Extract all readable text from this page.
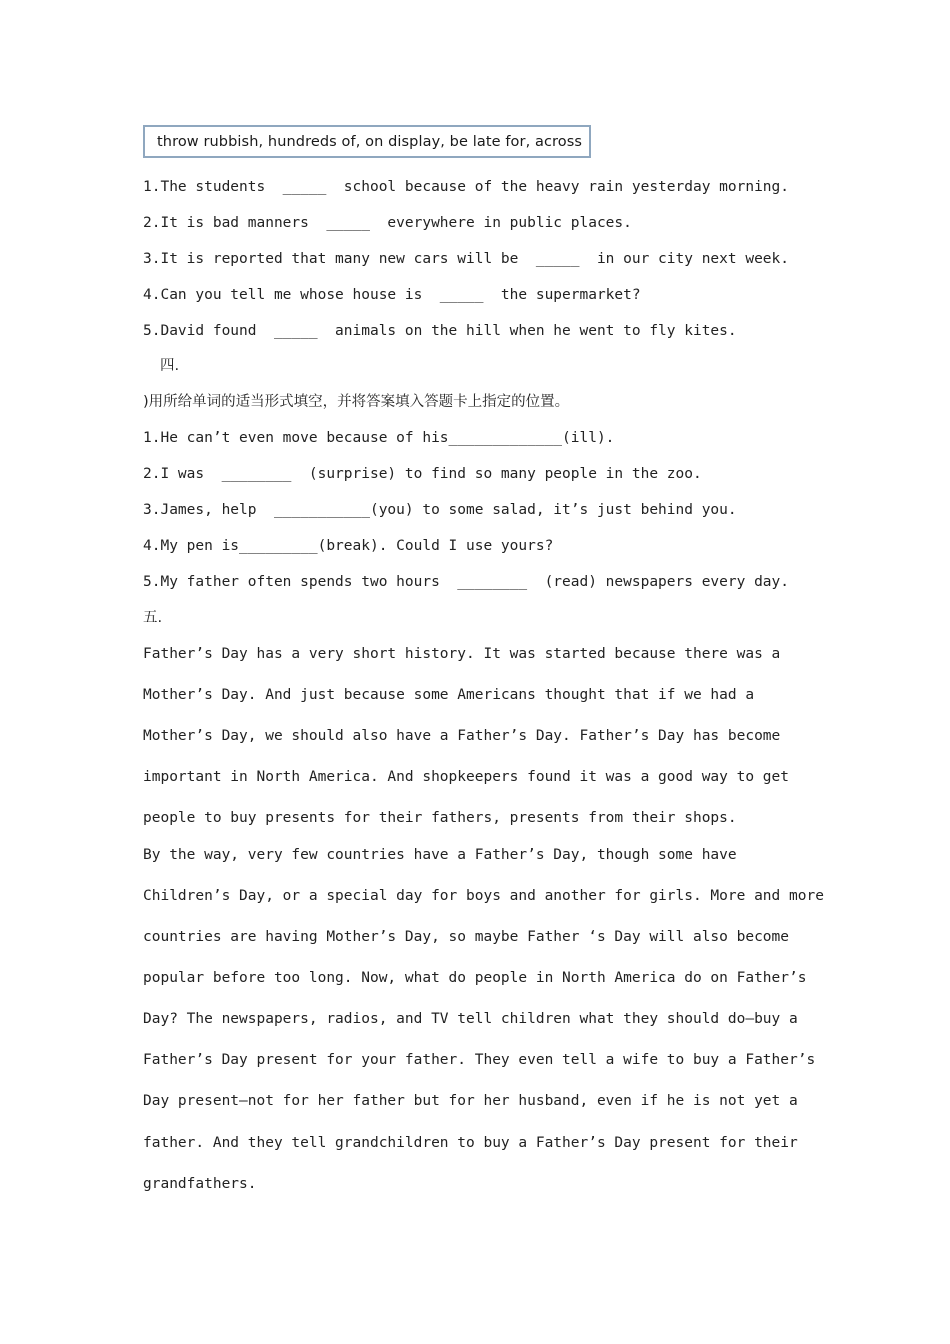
throw rubbish, hundreds of, on display, be late for, across
1.The students  _____  school because of the heavy rain yesterday morning.
2.It is bad manners  _____  everywhere in public places.
3.It is reported that many new cars will be  _____  in our city next week.
4.Can you tell me whose house is  _____  the supermarket?
5.David found  _____  animals on the hill when he went to fly kites.
四.
)用所给单词的适当形式填空，并将答案填入答题卡上指定的位置。
1.He can’t even move because of his_____________(ill).
2.I was  ________  (surprise) to find so many people in the zoo.
3.James, help  ___________(you) to some salad, it’s just behind you.
4.My pen is_________(break). Could I use yours?
5.My father often spends two hours  ________  (read) newspapers every day.
五.
Father’s Day has a very short history. It was started because there was a
Mother’s Day. And just because some Americans thought that if we had a
Mother’s Day, we should also have a Father’s Day. Father’s Day has become
important in North America. And shopkeepers found it was a good way to get
people to buy presents for their fathers, presents from their shops.
By the way, very few countries have a Father’s Day, though some have
Children’s Day, or a special day for boys and another for girls. More and more
countries are having Mother’s Day, so maybe Father ‘s Day will also become
popular before too long. Now, what do people in North America do on Father’s
Day? The newspapers, radios, and TV tell children what they should do—buy a
Father’s Day present for your father. They even tell a wife to buy a Father’s
Day present—not for her father but for her husband, even if he is not yet a
father. And they tell grandchildren to buy a Father’s Day present for their
grandfathers.
